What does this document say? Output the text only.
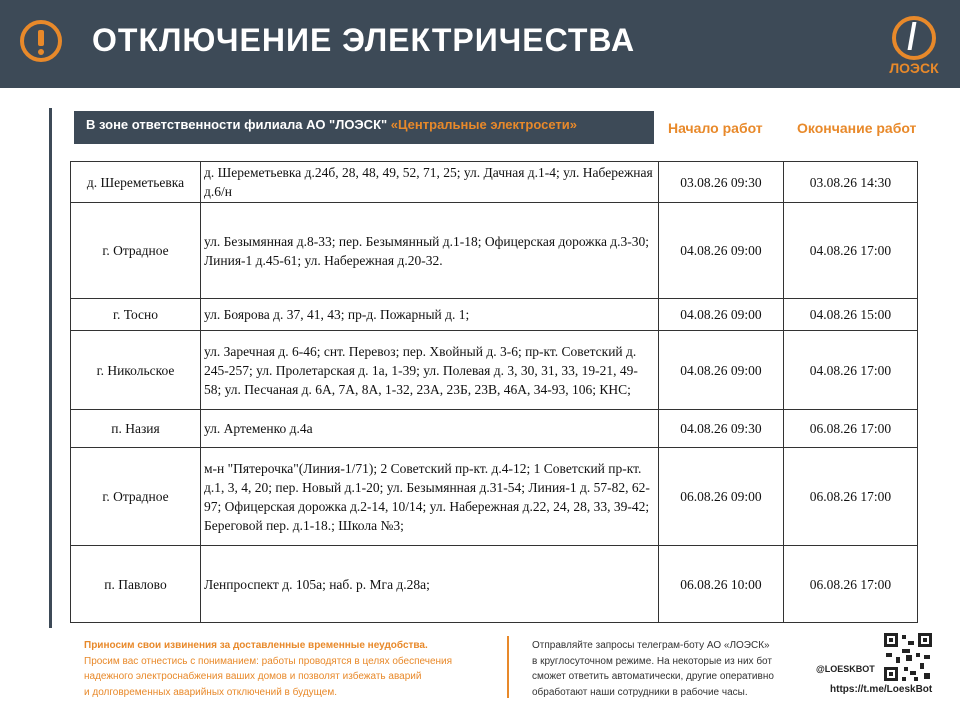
ОТКЛЮЧЕНИЕ ЭЛЕКТРИЧЕСТВА
ЛОЭСК
В зоне ответственности филиала АО "ЛОЭСК" «Центральные электросети»	Начало работ Окончание работ
д. Шереметьевка	д. Шереметьевка д.24б, 28, 48, 49, 52, 71, 25; ул. Дачная д.1-4; ул. Набережная д.6/н	03.08.26 09:30	03.08.26 14:30
г. Отрадное	ул. Безымянная д.8-33; пер. Безымянный д.1-18; Офицерская дорожка д.3-30; Линия-1 д.45-61; ул. Набережная д.20-32.	04.08.26 09:00	04.08.26 17:00
г. Тосно	ул. Боярова д. 37, 41, 43; пр-д. Пожарный д. 1;	04.08.26 09:00	04.08.26 15:00
г. Никольское	ул. Заречная д. 6-46; снт. Перевоз; пер. Хвойный д. 3-6; пр-кт. Советский д. 245-257; ул. Пролетарская д. 1а, 1-39; ул. Полевая д. 3, 30, 31, 33, 19-21, 49-58; ул. Песчаная д. 6А, 7А, 8А, 1-32, 23А, 23Б, 23В, 46А, 34-93, 106; КНС;	04.08.26 09:00	04.08.26 17:00
п. Назия	ул. Артеменко д.4а	04.08.26 09:30	06.08.26 17:00
г. Отрадное	м-н "Пятерочка"(Линия-1/71); 2 Советский пр-кт. д.4-12; 1 Советский пр-кт. д.1, 3, 4, 20; пер. Новый д.1-20; ул. Безымянная д.31-54; Линия-1 д. 57-82, 62-97; Офицерская дорожка д.2-14, 10/14; ул. Набережная д.22, 24, 28, 33, 39-42; Береговой пер. д.1-18.; Школа №3;	06.08.26 09:00	06.08.26 17:00
п. Павлово	Ленпроспект д. 105а; наб. р. Мга д.28а;	06.08.26 10:00	06.08.26 17:00
Приносим свои извинения за доставленные временные неудобства.
Просим вас отнестись с пониманием: работы проводятся в целях обеспечения
надежного электроснабжения ваших домов и позволят избежать аварий
и долговременных аварийных отключений в будущем.
Отправляйте запросы телеграм-боту АО «ЛОЭСК»
в круглосуточном режиме. На некоторые из них бот
сможет ответить автоматически, другие оперативно
обработают наши сотрудники в рабочие часы.
@LOESKBOT
https://t.me/LoeskBot
